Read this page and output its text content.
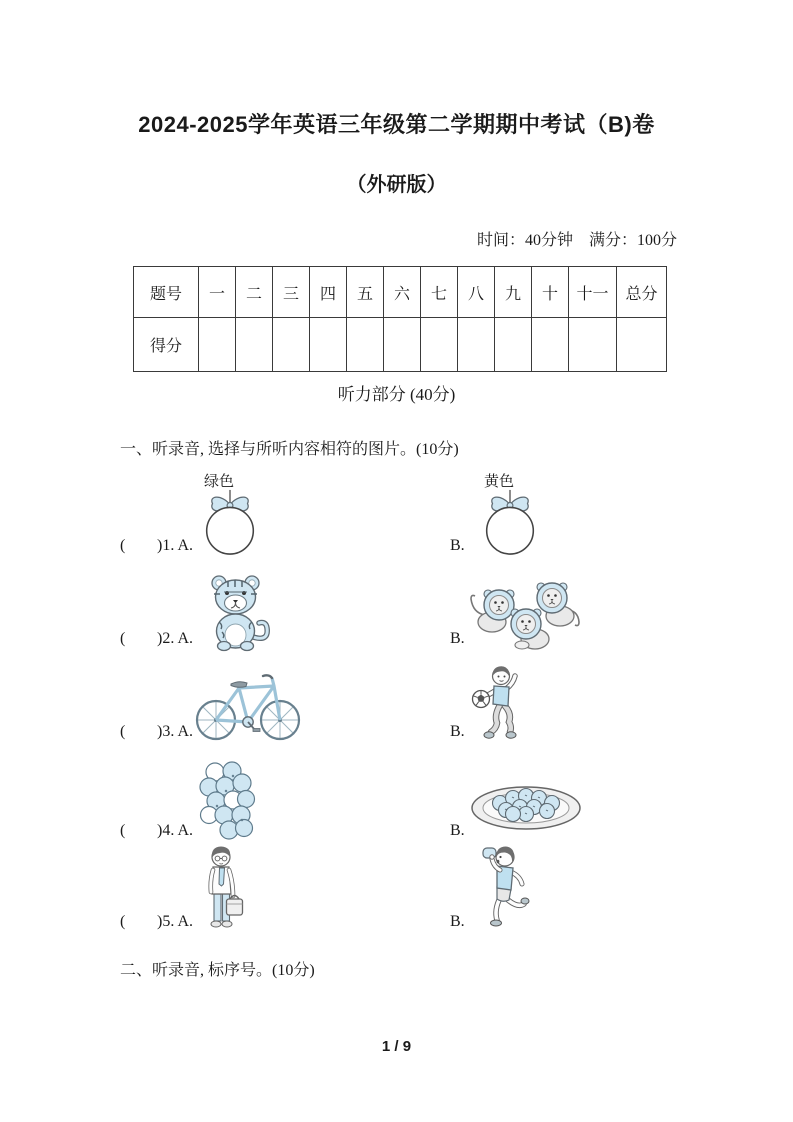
2024-2025学年英语三年级第二学期期中考试（B)卷
（外研版）
时间：40分钟 满分：100分
题号	一	二	三	四	五	六	七	八	九	十	十一	总分
得分												
听力部分 (40分)
一、听录音, 选择与所听内容相符的图片。(10分)
( )1. A.
绿色
B.
黄色
( )2. A.	B.
( )3. A.	B.
( )4. A.	B.
( )5. A.	B.
二、听录音, 标序号。(10分)
1 / 9
